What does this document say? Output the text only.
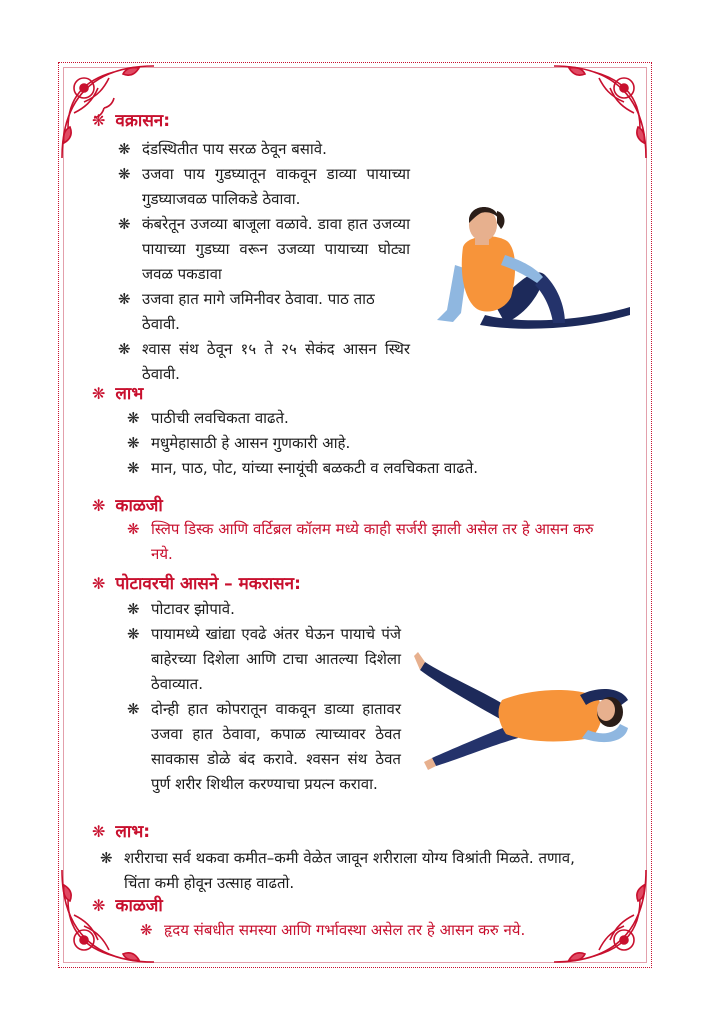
❋ वक्रासन:
❋ दंडस्थितीत पाय सरळ ठेवून बसावे.
❋ उजवा पाय गुडघ्यातून वाकवून डाव्या पायाच्या गुडघ्याजवळ पालिकडे ठेवावा.
❋ कंबरेतून उजव्या बाजूला वळावे. डावा हात उजव्या पायाच्या गुडघ्या वरून उजव्या पायाच्या घोट्या जवळ पकडावा
❋ उजवा हात मागे जमिनीवर ठेवावा. पाठ ताठ ठेवावी.
❋ श्वास संथ ठेवून १५ ते २५ सेकंद आसन स्थिर ठेवावी.
❋ लाभ
❋ पाठीची लवचिकता वाढते.
❋ मधुमेहासाठी हे आसन गुणकारी आहे.
❋ मान, पाठ, पोट, यांच्या स्नायूंची बळकटी व लवचिकता वाढते.
❋ काळजी
❋ स्लिप डिस्क आणि वर्टिब्रल कॉलम मध्ये काही सर्जरी झाली असेल तर हे आसन करु नये.
❋ पोटावरची आसने – मकरासन:
❋ पोटावर झोपावे.
❋ पायामध्ये खांद्या एवढे अंतर घेऊन पायाचे पंजे बाहेरच्या दिशेला आणि टाचा आतल्या दिशेला ठेवाव्यात.
❋ दोन्ही हात कोपरातून वाकवून डाव्या हातावर उजवा हात ठेवावा, कपाळ त्याच्यावर ठेवत सावकास डोळे बंद करावे. श्वसन संथ ठेवत पुर्ण शरीर शिथील करण्याचा प्रयत्न करावा.
❋ लाभ:
❋ शरीराचा सर्व थकवा कमीत–कमी वेळेत जावून शरीराला योग्य विश्रांती मिळते. तणाव, चिंता कमी होवून उत्साह वाढतो.
❋ काळजी
❋ हृदय संबधीत समस्या आणि गर्भावस्था असेल तर हे आसन करु नये.
